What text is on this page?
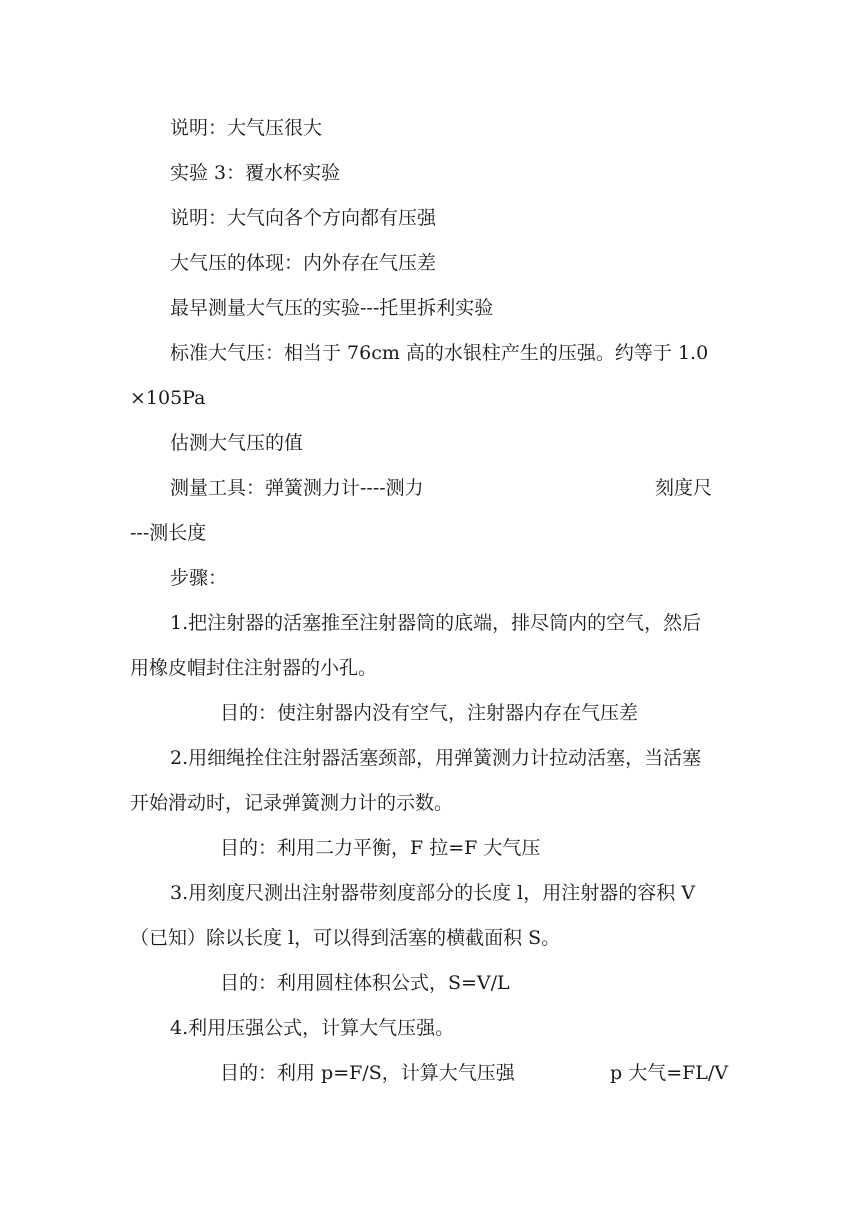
说明：大气压很大
实验 3：覆水杯实验
说明：大气向各个方向都有压强
大气压的体现：内外存在气压差
最早测量大气压的实验---托里拆利实验
标准大气压：相当于 76cm 高的水银柱产生的压强。约等于 1.0
×105Pa
估测大气压的值
测量工具：弹簧测力计----测力	刻度尺
---测长度
步骤：
1.把注射器的活塞推至注射器筒的底端，排尽筒内的空气，然后
用橡皮帽封住注射器的小孔。
目的：使注射器内没有空气，注射器内存在气压差
2.用细绳拴住注射器活塞颈部，用弹簧测力计拉动活塞，当活塞
开始滑动时，记录弹簧测力计的示数。
目的：利用二力平衡，F 拉=F 大气压
3.用刻度尺测出注射器带刻度部分的长度 l，用注射器的容积 V
（已知）除以长度 l，可以得到活塞的横截面积 S。
目的：利用圆柱体积公式，S=V/L
4.利用压强公式，计算大气压强。
目的：利用 p=F/S，计算大气压强	p 大气=FL/V
